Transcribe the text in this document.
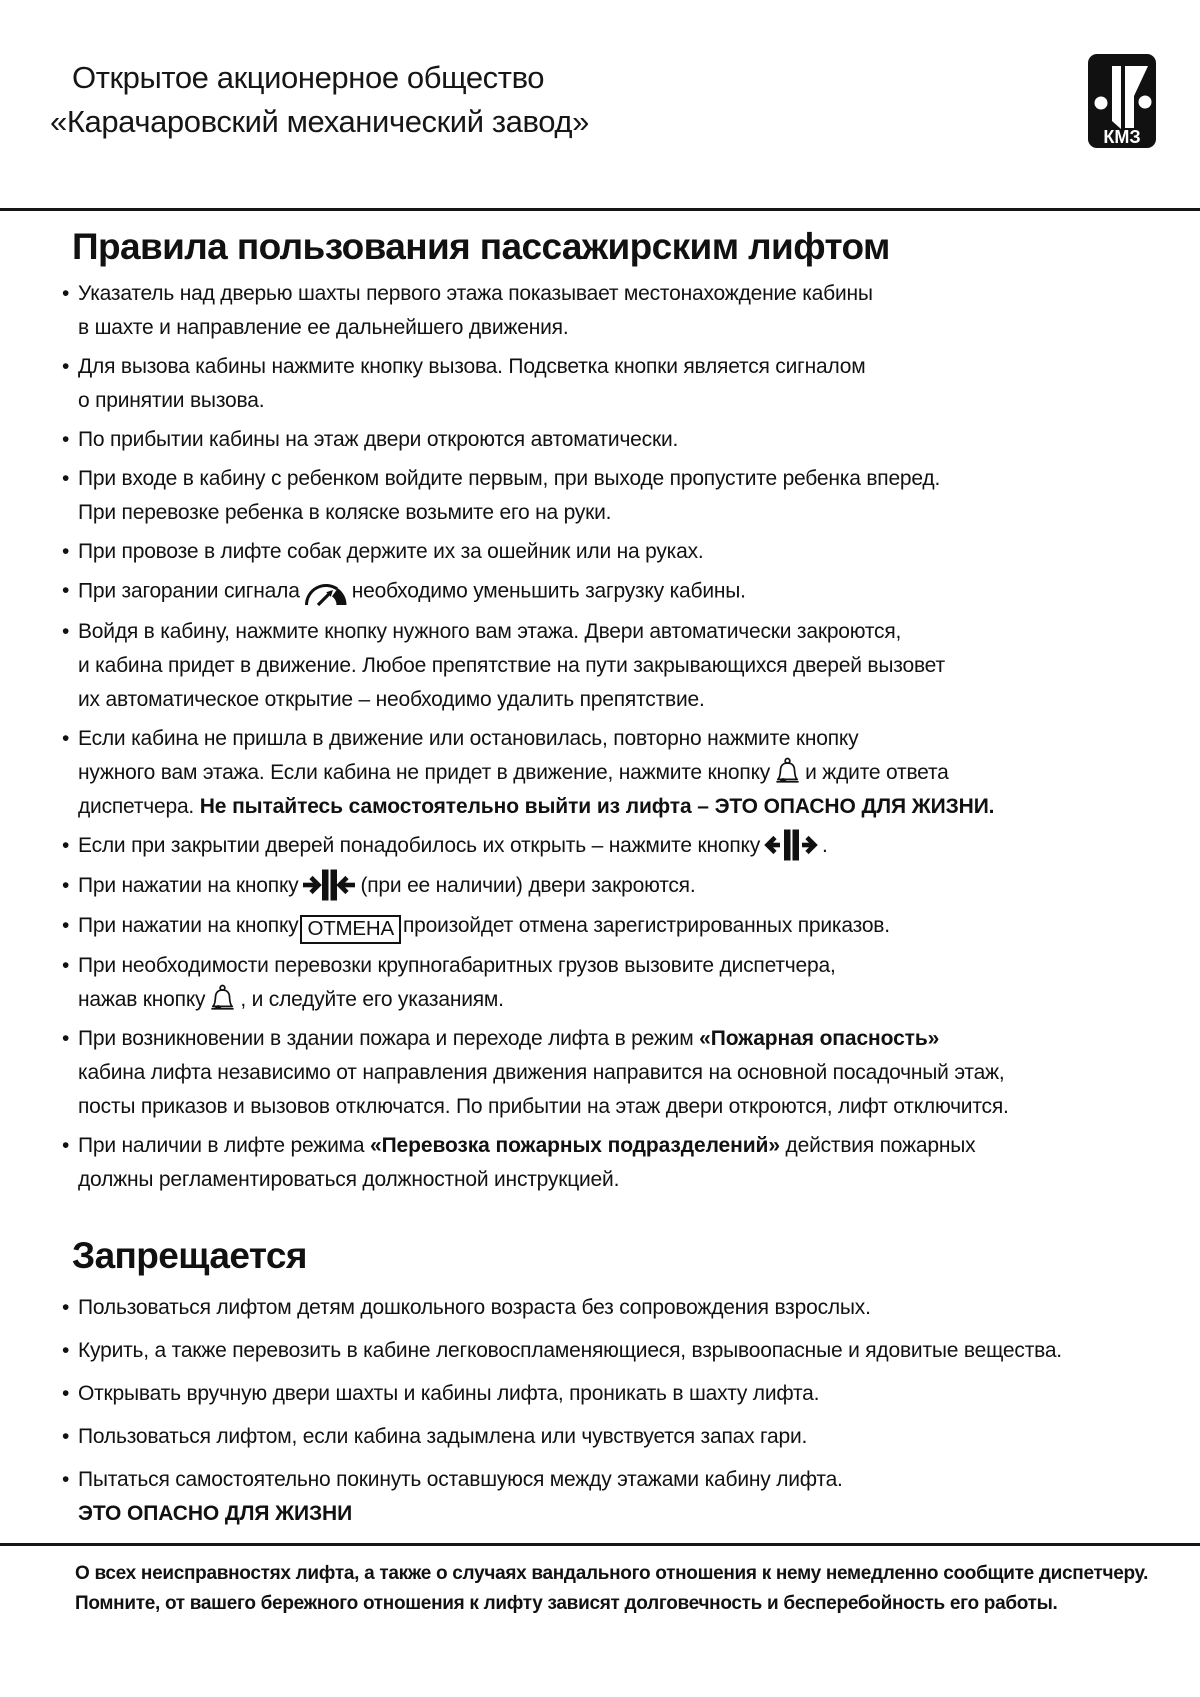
Открытое акционерное общество
«Карачаровский механический завод»	КМЗ
Правила пользования пассажирским лифтом
• Указатель над дверью шахты первого этажа показывает местонахождение кабины
в шахте и направление ее дальнейшего движения.
• Для вызова кабины нажмите кнопку вызова. Подсветка кнопки является сигналом
о принятии вызова.
• По прибытии кабины на этаж двери откроются автоматически.
• При входе в кабину с ребенком войдите первым, при выходе пропустите ребенка вперед.
При перевозке ребенка в коляске возьмите его на руки.
• При провозе в лифте собак держите их за ошейник или на руках.
• При загорании сигнала необходимо уменьшить загрузку кабины.
• Войдя в кабину, нажмите кнопку нужного вам этажа. Двери автоматически закроются,
и кабина придет в движение. Любое препятствие на пути закрывающихся дверей вызовет
их автоматическое открытие – необходимо удалить препятствие.
• Если кабина не пришла в движение или остановилась, повторно нажмите кнопку
нужного вам этажа. Если кабина не придет в движение, нажмите кнопку и ждите ответа
диспетчера. Не пытайтесь самостоятельно выйти из лифта – ЭТО ОПАСНО ДЛЯ ЖИЗНИ.
• Если при закрытии дверей понадобилось их открыть – нажмите кнопку	.
• При нажатии на кнопку	(при ее наличии) двери закроются.
• При нажатии на кнопку ОТМЕНА произойдет отмена зарегистрированных приказов.
• При необходимости перевозки крупногабаритных грузов вызовите диспетчера,
нажав кнопку , и следуйте его указаниям.
• При возникновении в здании пожара и переходе лифта в режим «Пожарная опасность»
кабина лифта независимо от направления движения направится на основной посадочный этаж,
посты приказов и вызовов отключатся. По прибытии на этаж двери откроются, лифт отключится.
• При наличии в лифте режима «Перевозка пожарных подразделений» действия пожарных
должны регламентироваться должностной инструкцией.
Запрещается
• Пользоваться лифтом детям дошкольного возраста без сопровождения взрослых.
• Курить, а также перевозить в кабине легковоспламеняющиеся, взрывоопасные и ядовитые вещества.
• Открывать вручную двери шахты и кабины лифта, проникать в шахту лифта.
• Пользоваться лифтом, если кабина задымлена или чувствуется запах гари.
• Пытаться самостоятельно покинуть оставшуюся между этажами кабину лифта.
ЭТО ОПАСНО ДЛЯ ЖИЗНИ
О всех неисправностях лифта, а также о случаях вандального отношения к нему немедленно сообщите диспетчеру.
Помните, от вашего бережного отношения к лифту зависят долговечность и бесперебойность его работы.
